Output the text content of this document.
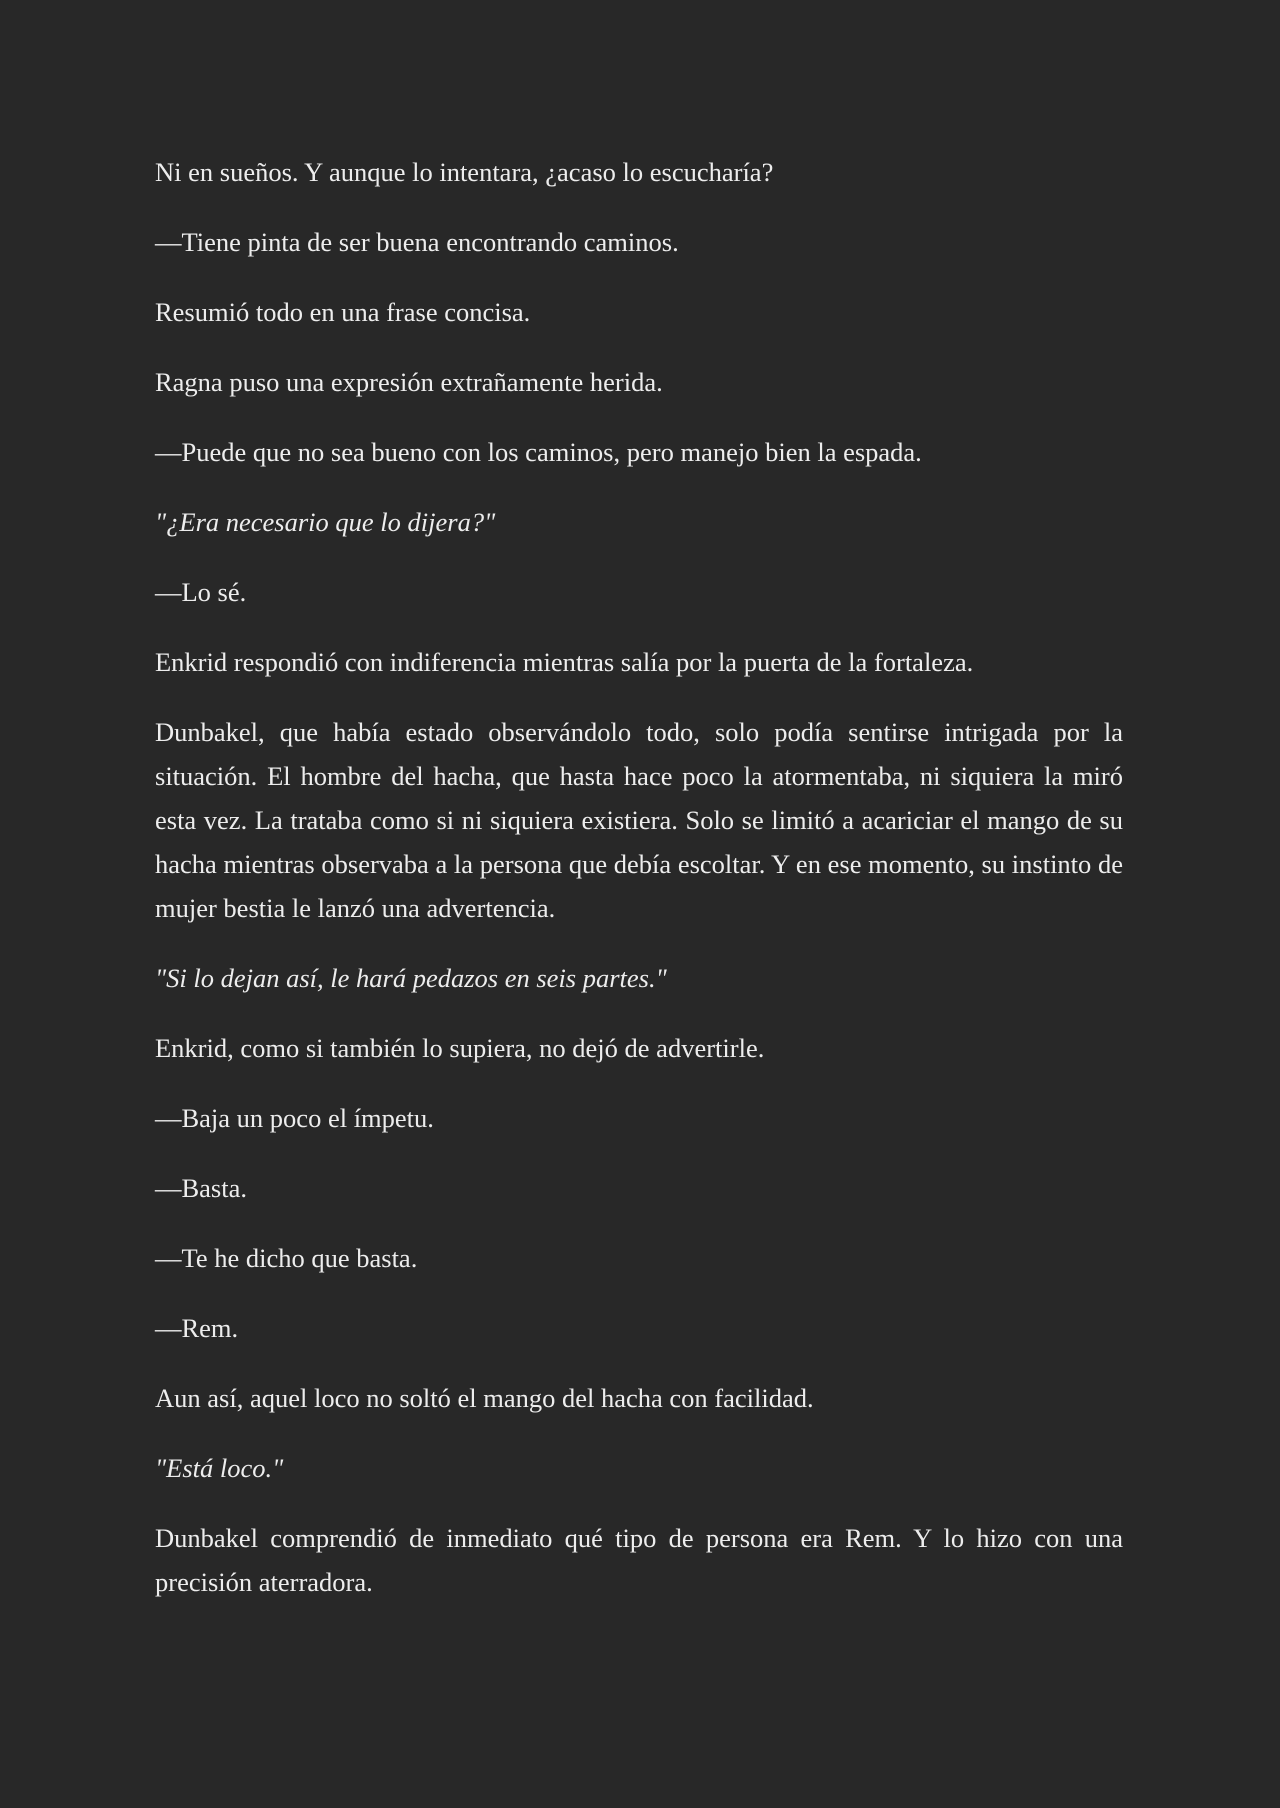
Ni en sueños. Y aunque lo intentara, ¿acaso lo escucharía?

—Tiene pinta de ser buena encontrando caminos.

Resumió todo en una frase concisa.

Ragna puso una expresión extrañamente herida.

—Puede que no sea bueno con los caminos, pero manejo bien la espada.

"¿Era necesario que lo dijera?"

—Lo sé.

Enkrid respondió con indiferencia mientras salía por la puerta de la fortaleza.

Dunbakel, que había estado observándolo todo, solo podía sentirse intrigada por la situación. El hombre del hacha, que hasta hace poco la atormentaba, ni siquiera la miró esta vez. La trataba como si ni siquiera existiera. Solo se limitó a acariciar el mango de su hacha mientras observaba a la persona que debía escoltar. Y en ese momento, su instinto de mujer bestia le lanzó una advertencia.

"Si lo dejan así, le hará pedazos en seis partes."

Enkrid, como si también lo supiera, no dejó de advertirle.

—Baja un poco el ímpetu.

—Basta.

—Te he dicho que basta.

—Rem.

Aun así, aquel loco no soltó el mango del hacha con facilidad.

"Está loco."

Dunbakel comprendió de inmediato qué tipo de persona era Rem. Y lo hizo con una precisión aterradora.
